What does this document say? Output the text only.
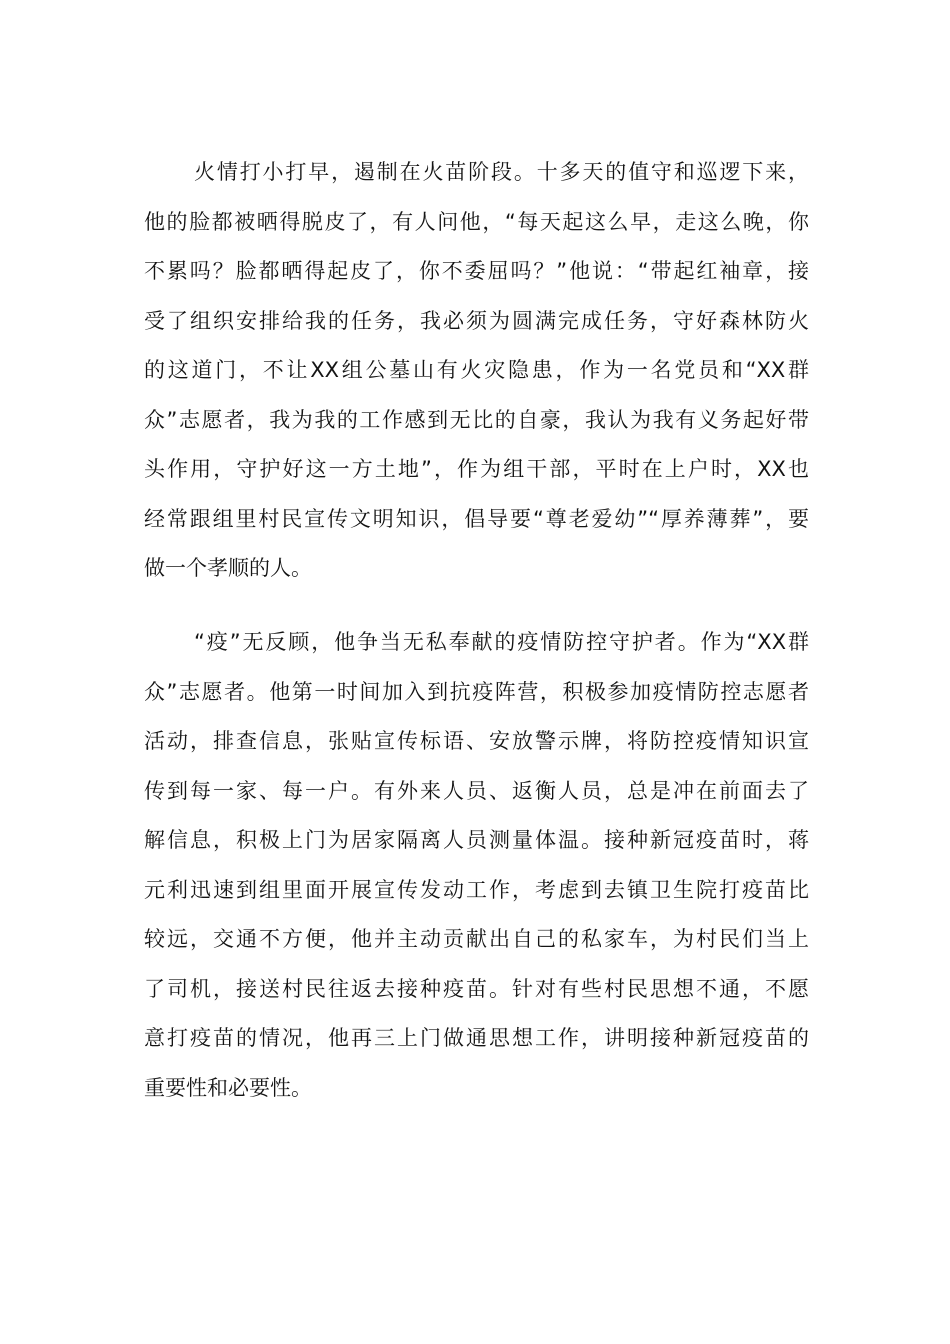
火情打小打早，遏制在火苗阶段。十多天的值守和巡逻下来，
他的脸都被晒得脱皮了，有人问他，“每天起这么早，走这么晚，你
不累吗？脸都晒得起皮了，你不委屈吗？”他说：“带起红袖章，接
受了组织安排给我的任务，我必须为圆满完成任务，守好森林防火
的这道门，不让XX组公墓山有火灾隐患，作为一名党员和“XX群
众”志愿者，我为我的工作感到无比的自豪，我认为我有义务起好带
头作用，守护好这一方土地”，作为组干部，平时在上户时，XX也
经常跟组里村民宣传文明知识，倡导要“尊老爱幼”“厚养薄葬”，要
做一个孝顺的人。
“疫”无反顾，他争当无私奉献的疫情防控守护者。作为“XX群
众”志愿者。他第一时间加入到抗疫阵营，积极参加疫情防控志愿者
活动，排查信息，张贴宣传标语、安放警示牌，将防控疫情知识宣
传到每一家、每一户。有外来人员、返衡人员，总是冲在前面去了
解信息，积极上门为居家隔离人员测量体温。接种新冠疫苗时，蒋
元利迅速到组里面开展宣传发动工作，考虑到去镇卫生院打疫苗比
较远，交通不方便，他并主动贡献出自己的私家车，为村民们当上
了司机，接送村民往返去接种疫苗。针对有些村民思想不通，不愿
意打疫苗的情况，他再三上门做通思想工作，讲明接种新冠疫苗的
重要性和必要性。
